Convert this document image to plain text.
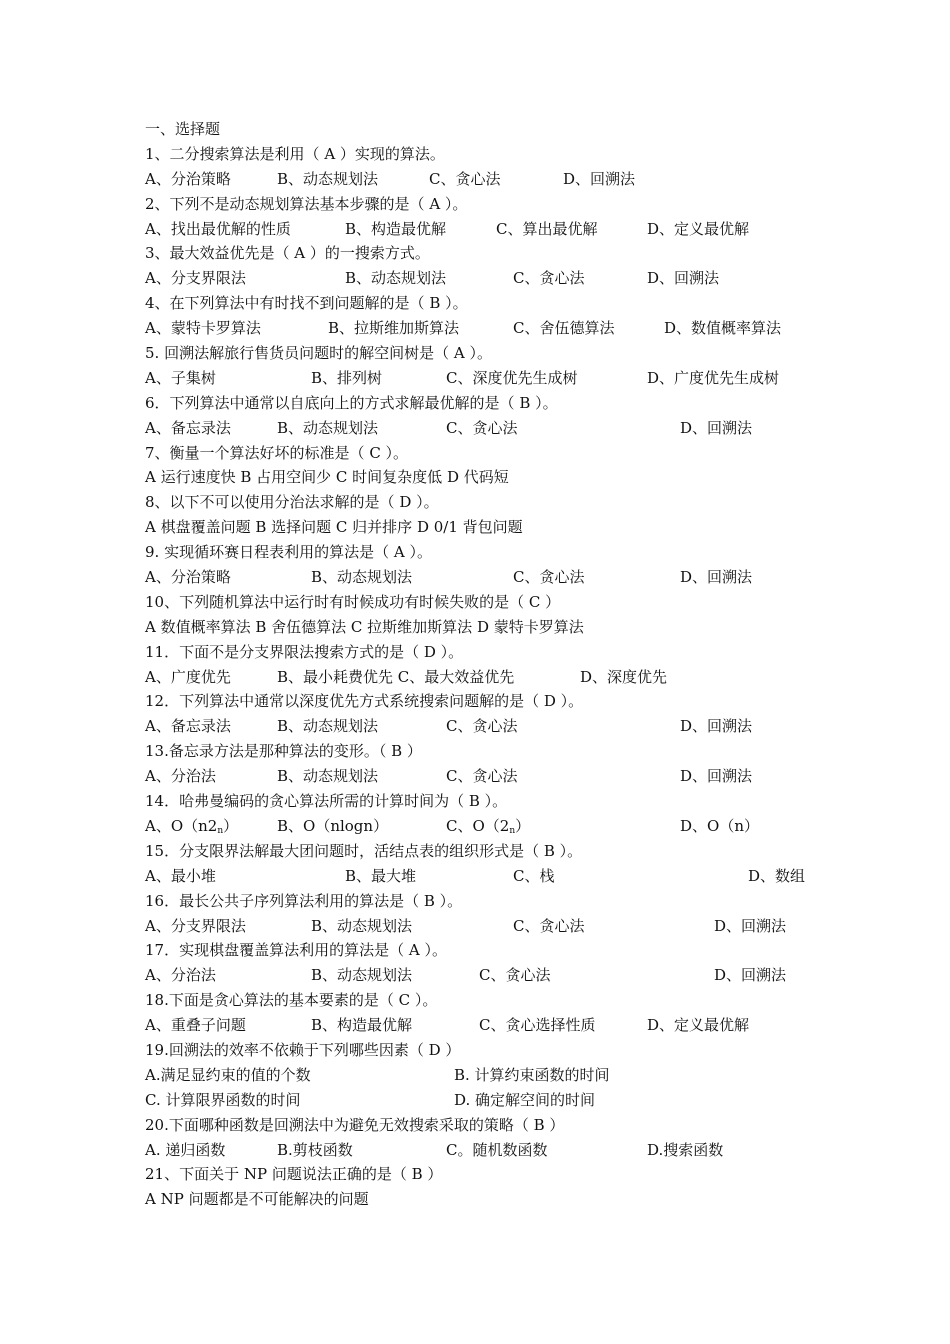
一、选择题
1、二分搜索算法是利用（ A ）实现的算法。
A、分治策略	B、动态规划法	C、贪心法	D、回溯法
2、下列不是动态规划算法基本步骤的是（ A ）。
A、找出最优解的性质	B、构造最优解	C、算出最优解	D、定义最优解
3、最大效益优先是（ A ）的一搜索方式。
A、分支界限法	B、动态规划法	C、贪心法	D、回溯法
4、在下列算法中有时找不到问题解的是（ B ）。
A、蒙特卡罗算法	B、拉斯维加斯算法	C、舍伍德算法	D、数值概率算法
5. 回溯法解旅行售货员问题时的解空间树是（ A ）。
A、子集树	B、排列树	C、深度优先生成树	D、广度优先生成树
6．下列算法中通常以自底向上的方式求解最优解的是（ B ）。
A、备忘录法	B、动态规划法	C、贪心法	D、回溯法
7、衡量一个算法好坏的标准是（ C ）。
A 运行速度快 B 占用空间少 C 时间复杂度低 D 代码短
8、以下不可以使用分治法求解的是（ D ）。
A 棋盘覆盖问题 B 选择问题 C 归并排序 D 0/1 背包问题
9. 实现循环赛日程表利用的算法是（ A ）。
A、分治策略	B、动态规划法	C、贪心法	D、回溯法
10、下列随机算法中运行时有时候成功有时候失败的是（ C ）
A 数值概率算法 B 舍伍德算法 C 拉斯维加斯算法 D 蒙特卡罗算法
11．下面不是分支界限法搜索方式的是（ D ）。
A、广度优先	B、最小耗费优先 C、最大效益优先	D、深度优先
12．下列算法中通常以深度优先方式系统搜索问题解的是（ D ）。
A、备忘录法	B、动态规划法	C、贪心法	D、回溯法
13.备忘录方法是那种算法的变形。（ B ）
A、分治法	B、动态规划法	C、贪心法	D、回溯法
14．哈弗曼编码的贪心算法所需的计算时间为（ B ）。
A、$O(n2_n)$	B、O（nlogn）	C、$O(2_n)$	D、O（n）
15．分支限界法解最大团问题时，活结点表的组织形式是（ B ）。
A、最小堆	B、最大堆	C、栈	D、数组
16．最长公共子序列算法利用的算法是（ B ）。
A、分支界限法	B、动态规划法	C、贪心法	D、回溯法
17．实现棋盘覆盖算法利用的算法是（ A ）。
A、分治法	B、动态规划法	C、贪心法	D、回溯法
18.下面是贪心算法的基本要素的是（ C ）。
A、重叠子问题	B、构造最优解	C、贪心选择性质	D、定义最优解
19.回溯法的效率不依赖于下列哪些因素（ D ）
A.满足显约束的值的个数	B. 计算约束函数的时间
C. 计算限界函数的时间	D. 确定解空间的时间
20.下面哪种函数是回溯法中为避免无效搜索采取的策略（ B ）
A. 递归函数	B.剪枝函数	C。随机数函数	D.搜索函数
21、下面关于 NP 问题说法正确的是（ B ）
A NP 问题都是不可能解决的问题
